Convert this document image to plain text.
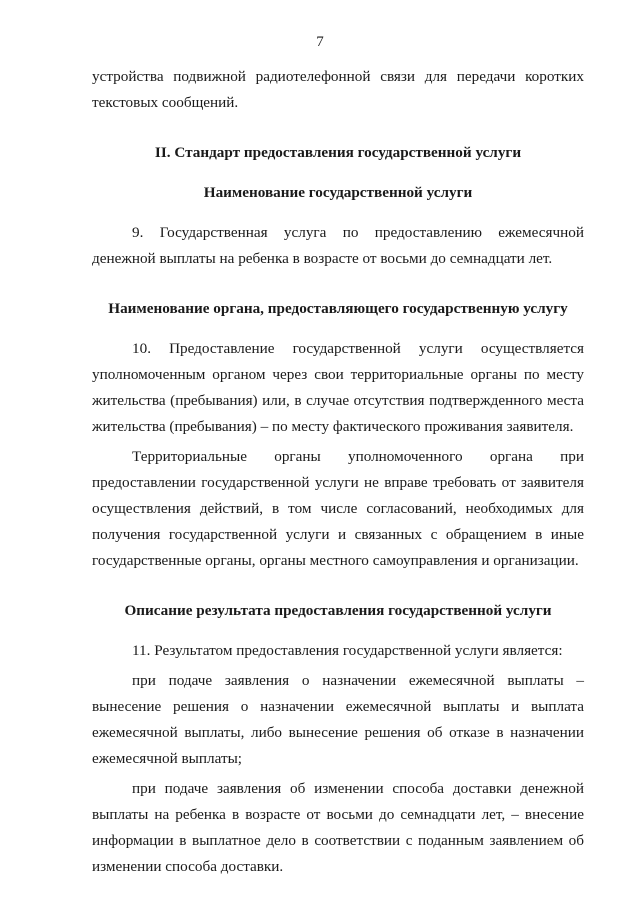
7

устройства подвижной радиотелефонной связи для передачи коротких текстовых сообщений.

II. Стандарт предоставления государственной услуги
Наименование государственной услуги

9. Государственная услуга по предоставлению ежемесячной денежной выплаты на ребенка в возрасте от восьми до семнадцати лет.

Наименование органа, предоставляющего государственную услугу

10. Предоставление государственной услуги осуществляется уполномоченным органом через свои территориальные органы по месту жительства (пребывания) или, в случае отсутствия подтвержденного места жительства (пребывания) – по месту фактического проживания заявителя.

Территориальные органы уполномоченного органа при предоставлении государственной услуги не вправе требовать от заявителя осуществления действий, в том числе согласований, необходимых для получения государственной услуги и связанных с обращением в иные государственные органы, органы местного самоуправления и организации.

Описание результата предоставления государственной услуги

11. Результатом предоставления государственной услуги является:

при подаче заявления о назначении ежемесячной выплаты – вынесение решения о назначении ежемесячной выплаты и выплата ежемесячной выплаты, либо вынесение решения об отказе в назначении ежемесячной выплаты;

при подаче заявления об изменении способа доставки денежной выплаты на ребенка в возрасте от восьми до семнадцати лет, – внесение информации в выплатное дело в соответствии с поданным заявлением об изменении способа доставки.
